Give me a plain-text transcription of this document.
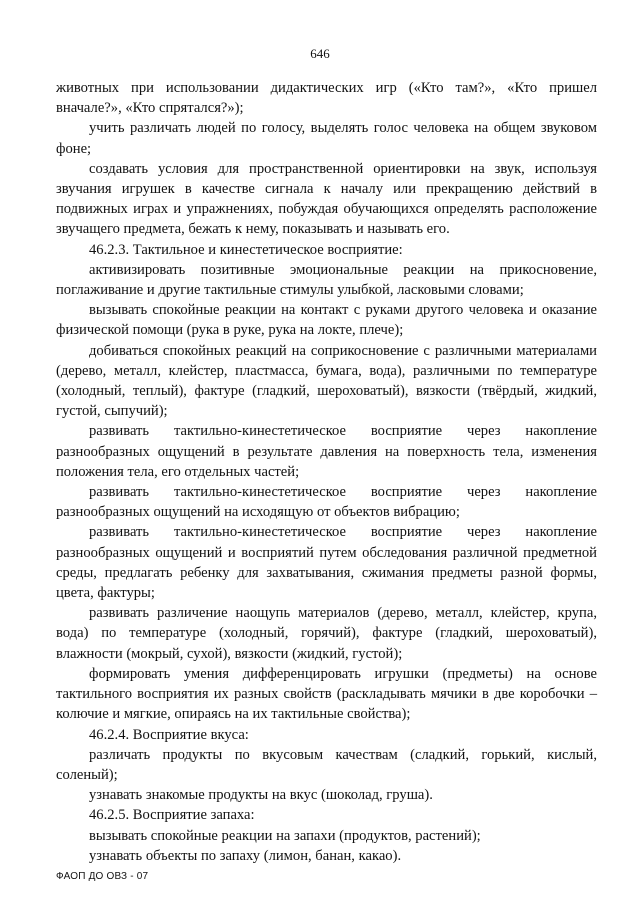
646

животных при использовании дидактических игр («Кто там?», «Кто пришел вначале?», «Кто спрятался?»);

учить различать людей по голосу, выделять голос человека на общем звуковом фоне;

создавать условия для пространственной ориентировки на звук, используя звучания игрушек в качестве сигнала к началу или прекращению действий в подвижных играх и упражнениях, побуждая обучающихся определять расположение звучащего предмета, бежать к нему, показывать и называть его.

46.2.3. Тактильное и кинестетическое восприятие:

активизировать позитивные эмоциональные реакции на прикосновение, поглаживание и другие тактильные стимулы улыбкой, ласковыми словами;

вызывать спокойные реакции на контакт с руками другого человека и оказание физической помощи (рука в руке, рука на локте, плече);

добиваться спокойных реакций на соприкосновение с различными материалами (дерево, металл, клейстер, пластмасса, бумага, вода), различными по температуре (холодный, теплый), фактуре (гладкий, шероховатый), вязкости (твёрдый, жидкий, густой, сыпучий);

развивать тактильно-кинестетическое восприятие через накопление разнообразных ощущений в результате давления на поверхность тела, изменения положения тела, его отдельных частей;

развивать тактильно-кинестетическое восприятие через накопление разнообразных ощущений на исходящую от объектов вибрацию;

развивать тактильно-кинестетическое восприятие через накопление разнообразных ощущений и восприятий путем обследования различной предметной среды, предлагать ребенку для захватывания, сжимания предметы разной формы, цвета, фактуры;

развивать различение наощупь материалов (дерево, металл, клейстер, крупа, вода) по температуре (холодный, горячий), фактуре (гладкий, шероховатый), влажности (мокрый, сухой), вязкости (жидкий, густой);

формировать умения дифференцировать игрушки (предметы) на основе тактильного восприятия их разных свойств (раскладывать мячики в две коробочки – колючие и мягкие, опираясь на их тактильные свойства);

46.2.4. Восприятие вкуса:

различать продукты по вкусовым качествам (сладкий, горький, кислый, соленый);

узнавать знакомые продукты на вкус (шоколад, груша).

46.2.5. Восприятие запаха:

вызывать спокойные реакции на запахи (продуктов, растений);

узнавать объекты по запаху (лимон, банан, какао).

ФАОП ДО ОВЗ - 07
